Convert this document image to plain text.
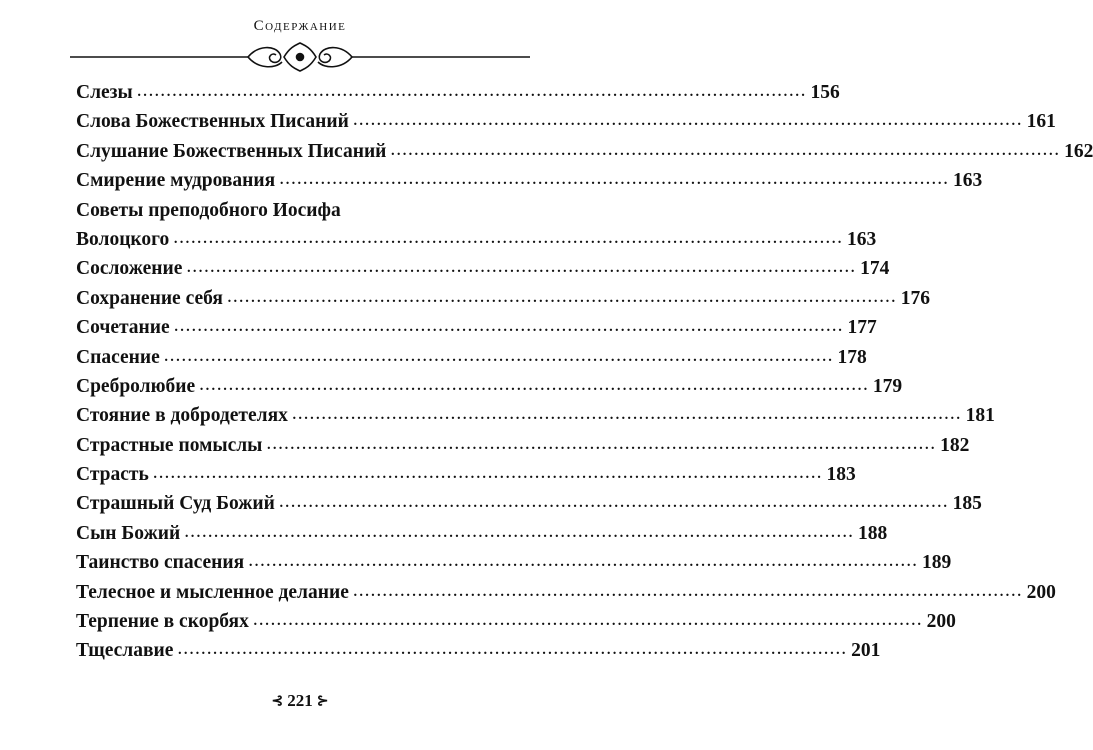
Содержание
Слезы .................................................................................................................. 156
Слова Божественных Писаний .................................................................................................................. 161
Слушание Божественных Писаний .................................................................................................................. 162
Смирение мудрования .................................................................................................................. 163
Советы преподобного Иосифа
Волоцкого .................................................................................................................. 163
Сосложение .................................................................................................................. 174
Сохранение себя .................................................................................................................. 176
Сочетание .................................................................................................................. 177
Спасение .................................................................................................................. 178
Сребролюбие .................................................................................................................. 179
Стояние в добродетелях .................................................................................................................. 181
Страстные помыслы .................................................................................................................. 182
Страсть .................................................................................................................. 183
Страшный Суд Божий .................................................................................................................. 185
Сын Божий .................................................................................................................. 188
Таинство спасения .................................................................................................................. 189
Телесное и мысленное делание .................................................................................................................. 200
Терпение в скорбях .................................................................................................................. 200
Тщеславие .................................................................................................................. 201
⊰ 221 ⊱
